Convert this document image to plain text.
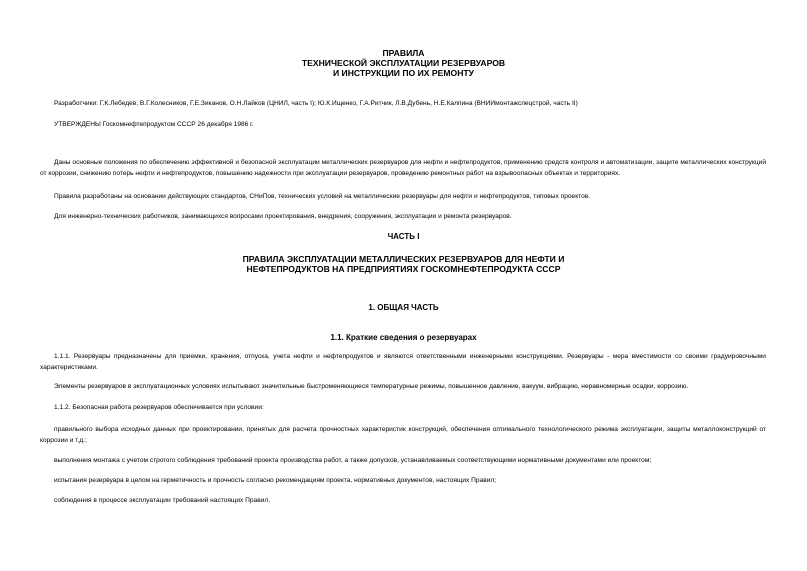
ПРАВИЛА

ТЕХНИЧЕСКОЙ ЭКСПЛУАТАЦИИ РЕЗЕРВУАРОВ

И ИНСТРУКЦИИ ПО ИХ РЕМОНТУ

Разработчики: Г.К.Лебедев, В.Г.Колесников, Г.Е.Зиканов, О.Н.Лайков (ЦНИЛ, часть I); Ю.К.Ищенко, Г.А.Ритчик, Л.В.Дубень, Н.Е.Калпина (ВНИИмонтажспецстрой, часть II)

УТВЕРЖДЕНЫ Госкомнефтепродуктом СССР 26 декабря 1986 г.

Даны основные положения по обеспечению эффективной и безопасной эксплуатации металлических резервуаров для нефти и нефтепродуктов, применению средств контроля и автоматизации, защите металлических конструкций от коррозии, снижению потерь нефти и нефтепродуктов, повышению надежности при эксплуатации резервуаров, проведению ремонтных работ на взрывоопасных объектах и территориях.

Правила разработаны на основании действующих стандартов, СНиПов, технических условий на металлические резервуары для нефти и нефтепродуктов, типовых проектов.

Для инженерно-технических работников, занимающихся вопросами проектирования, внедрения, сооружения, эксплуатации и ремонта резервуаров.

ЧАСТЬ I

ПРАВИЛА ЭКСПЛУАТАЦИИ МЕТАЛЛИЧЕСКИХ РЕЗЕРВУАРОВ ДЛЯ НЕФТИ И

НЕФТЕПРОДУКТОВ НА ПРЕДПРИЯТИЯХ ГОСКОМНЕФТЕПРОДУКТА СССР

1. ОБЩАЯ ЧАСТЬ

1.1. Краткие сведения о резервуарах

1.1.1. Резервуары предназначены для приемки, хранения, отпуска, учета нефти и нефтепродуктов и являются ответственными инженерными конструкциями. Резервуары - мера вместимости со своими градуировочными характеристиками.

Элементы резервуаров в эксплуатационных условиях испытывают значительные быстроменяющиеся температурные режимы, повышенное давление, вакуум, вибрацию, неравномерные осадки, коррозию.

1.1.2. Безопасная работа резервуаров обеспечивается при условии:

правильного выбора исходных данных при проектировании, принятых для расчета прочностных характеристик конструкций, обеспечения оптимального технологического режима эксплуатации, защиты металлоконструкций от коррозии и т.д.;

выполнения монтажа с учетом строгого соблюдения требований проекта производства работ, а также допусков, устанавливаемых соответствующими нормативными документами или проектом;

испытания резервуара в целом на герметичность и прочность согласно рекомендациям проекта, нормативных документов, настоящих Правил;

соблюдения в процессе эксплуатации требований настоящих Правил.
